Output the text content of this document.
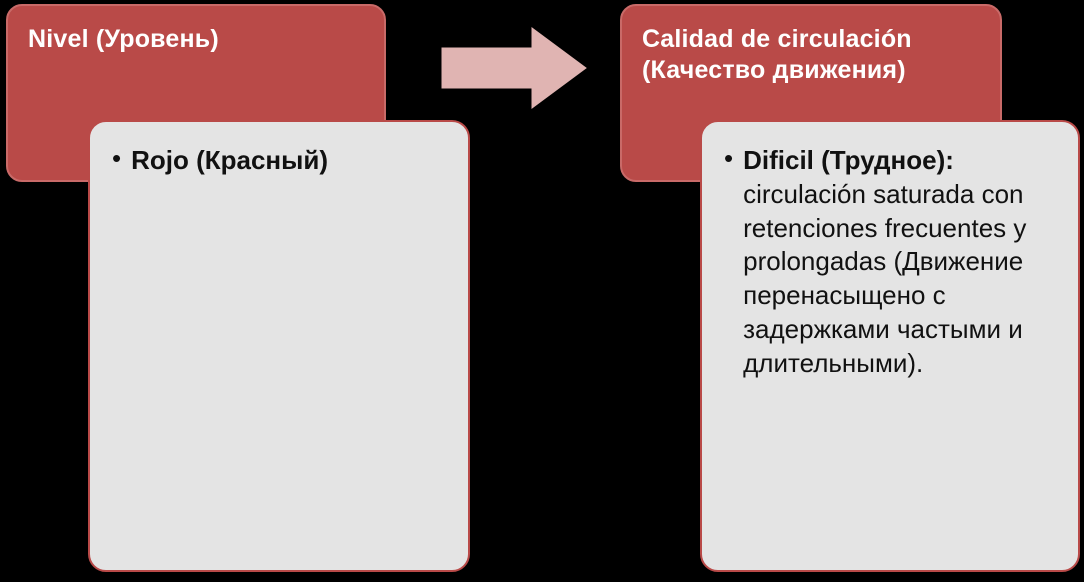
Nivel (Уровень)	Calidad de circulación (Качество движения)
• Rojo (Красный)	• Dificil (Трудное): circulación saturada con retenciones frecuentes y prolongadas (Движение перенасыщено с задержками частыми и длительными).
